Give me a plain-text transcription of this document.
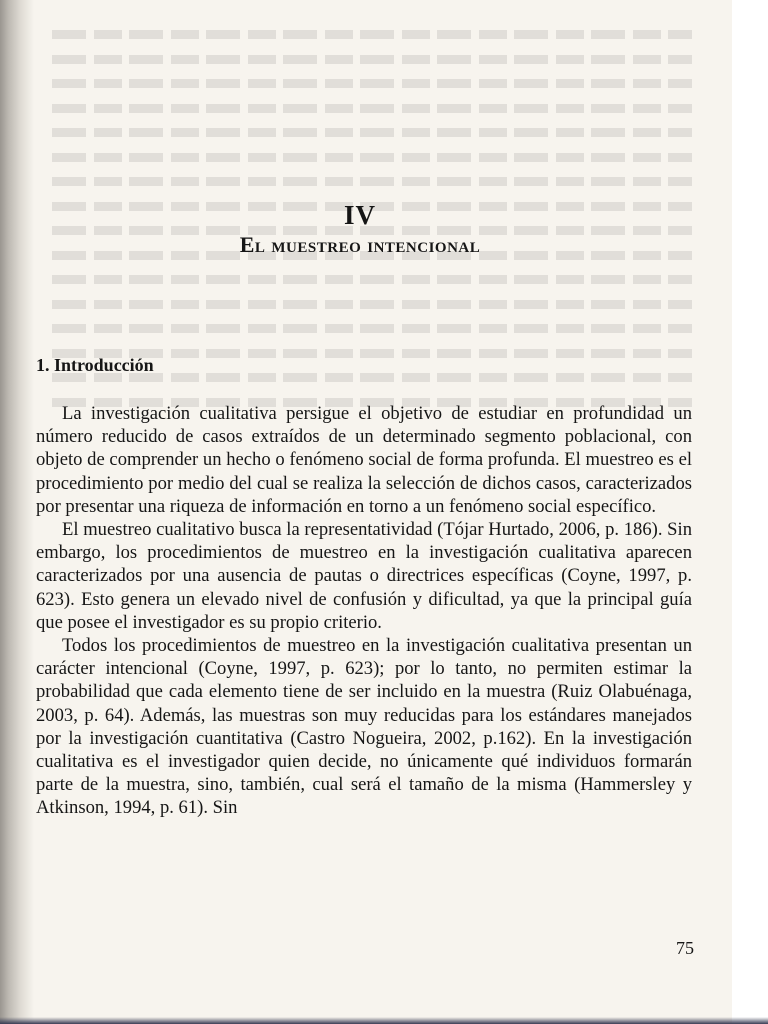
IV
El muestreo intencional
1. Introducción

La investigación cualitativa persigue el objetivo de estudiar en profundidad un número reducido de casos extraídos de un determinado segmento poblacional, con objeto de comprender un hecho o fenómeno social de forma profunda. El muestreo es el procedimiento por medio del cual se realiza la selección de dichos casos, caracterizados por presentar una riqueza de información en torno a un fenómeno social específico.

El muestreo cualitativo busca la representatividad (Tójar Hurtado, 2006, p. 186). Sin embargo, los procedimientos de muestreo en la investigación cualitativa aparecen caracterizados por una ausencia de pautas o directrices específicas (Coyne, 1997, p. 623). Esto genera un elevado nivel de confusión y dificultad, ya que la principal guía que posee el investigador es su propio criterio.

Todos los procedimientos de muestreo en la investigación cualitativa presentan un carácter intencional (Coyne, 1997, p. 623); por lo tanto, no permiten estimar la probabilidad que cada elemento tiene de ser incluido en la muestra (Ruiz Olabuénaga, 2003, p. 64). Además, las muestras son muy reducidas para los estándares manejados por la investigación cuantitativa (Castro Nogueira, 2002, p.162). En la investigación cualitativa es el investigador quien decide, no únicamente qué individuos formarán parte de la muestra, sino, también, cual será el tamaño de la misma (Hammersley y Atkinson, 1994, p. 61). Sin

75
